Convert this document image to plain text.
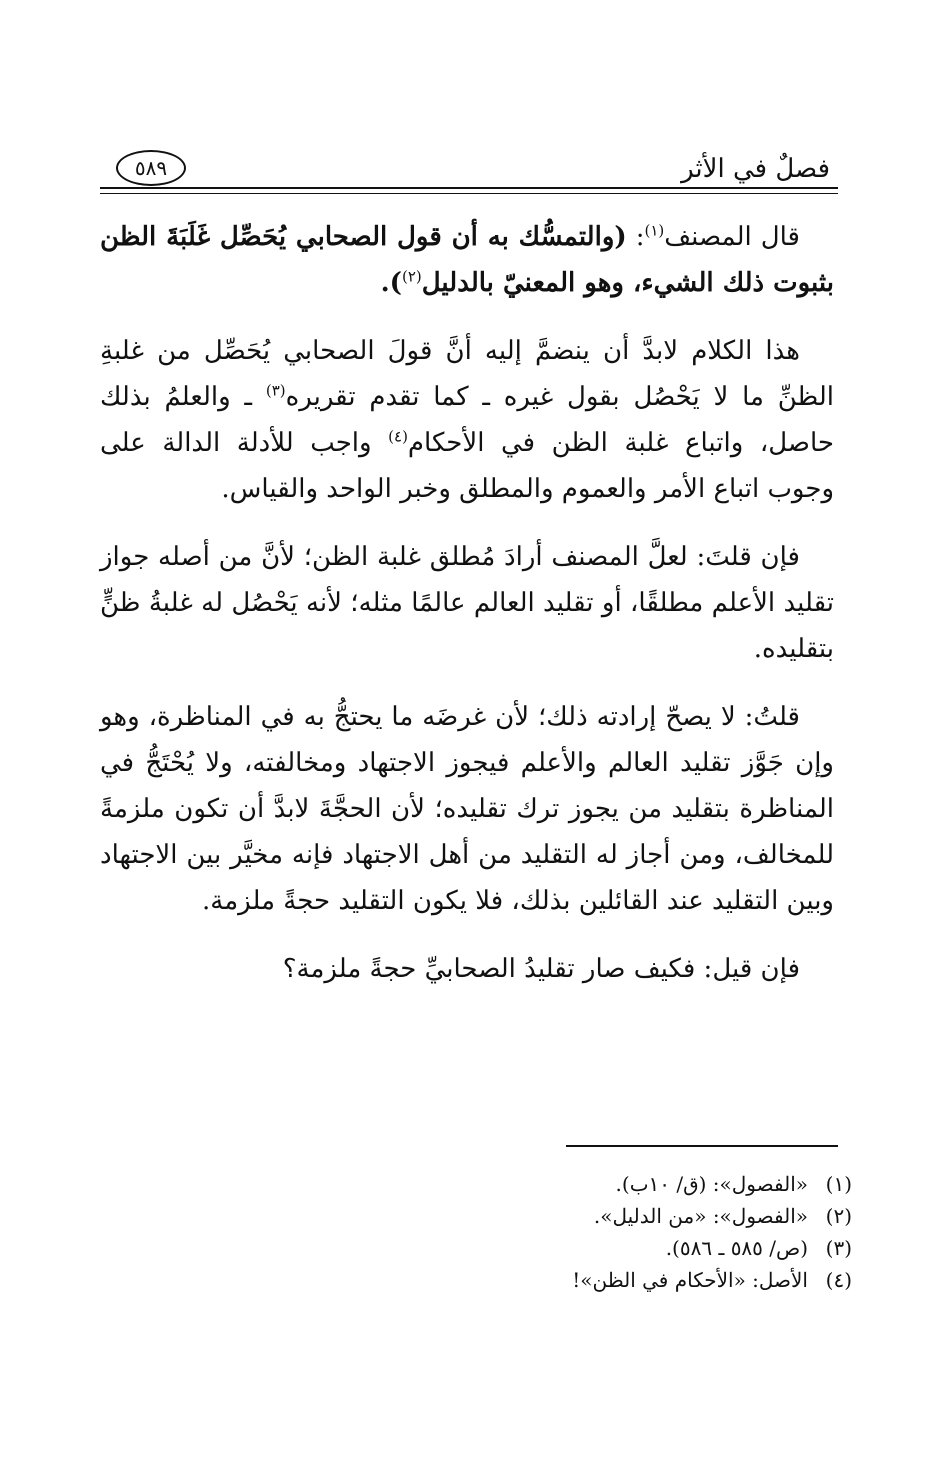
فصلٌ في الأثر
٥٨٩

قال المصنف$^{(١)}$: (والتمسُّك به أن قول الصحابي يُحَصِّل غَلَبَةَ الظن بثبوت ذلك الشيء، وهو المعنيّ بالدليل$^{(٢)}$).

هذا الكلام لابدَّ أن ينضمَّ إليه أنَّ قولَ الصحابي يُحَصِّل من غلبةِ الظنِّ ما لا يَحْصُل بقول غيره ـ كما تقدم تقريره$^{(٣)}$ ـ والعلمُ بذلك حاصل، واتباع غلبة الظن في الأحكام$^{(٤)}$ واجب للأدلة الدالة على وجوب اتباع الأمر والعموم والمطلق وخبر الواحد والقياس.

فإن قلتَ: لعلَّ المصنف أرادَ مُطلق غلبة الظن؛ لأنَّ من أصله جواز تقليد الأعلم مطلقًا، أو تقليد العالم عالمًا مثله؛ لأنه يَحْصُل له غلبةُ ظنٍّ بتقليده.

قلتُ: لا يصحّ إرادته ذلك؛ لأن غرضَه ما يحتجُّ به في المناظرة، وهو وإن جَوَّز تقليد العالم والأعلم فيجوز الاجتهاد ومخالفته، ولا يُحْتَجُّ في المناظرة بتقليد من يجوز ترك تقليده؛ لأن الحجَّةَ لابدَّ أن تكون ملزمةً للمخالف، ومن أجاز له التقليد من أهل الاجتهاد فإنه مخيَّر بين الاجتهاد وبين التقليد عند القائلين بذلك، فلا يكون التقليد حجةً ملزمة.

فإن قيل: فكيف صار تقليدُ الصحابيِّ حجةً ملزمة؟

(١)«الفصول»: (ق/ ١٠ب).

(٢)«الفصول»: «من الدليل».

(٣)(ص/ ٥٨٥ ـ ٥٨٦).

(٤)الأصل: «الأحكام في الظن»!
